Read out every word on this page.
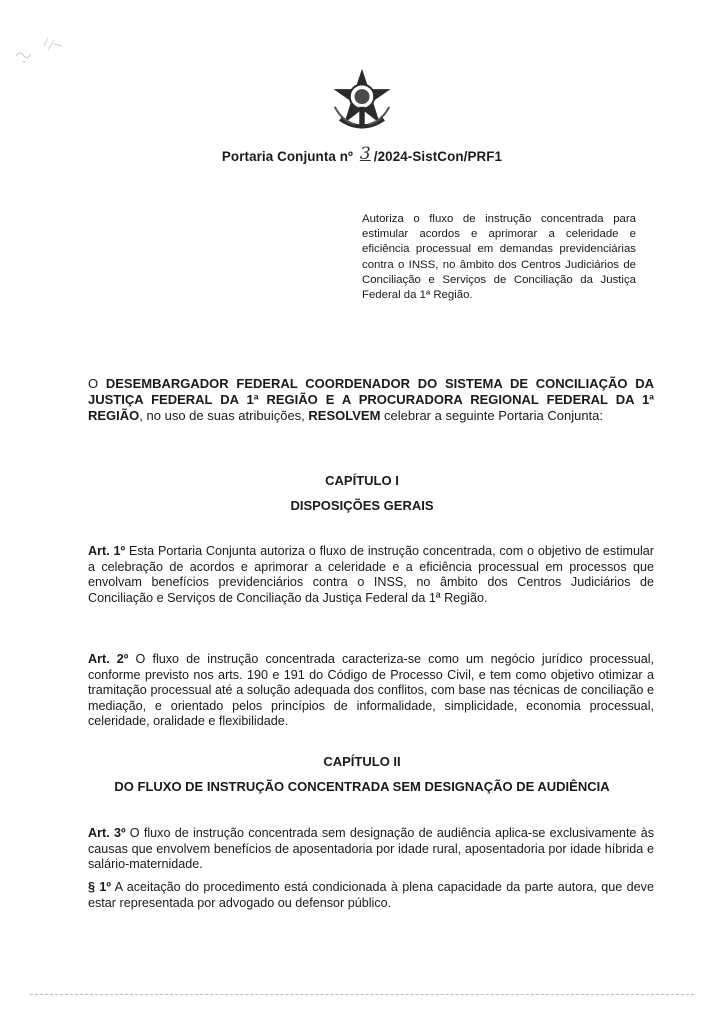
Portaria Conjunta nº 3 /2024-SistCon/PRF1
Autoriza o fluxo de instrução concentrada para estimular acordos e aprimorar a celeridade e eficiência processual em demandas previdenciárias contra o INSS, no âmbito dos Centros Judiciários de Conciliação e Serviços de Conciliação da Justiça Federal da 1ª Região.
O DESEMBARGADOR FEDERAL COORDENADOR DO SISTEMA DE CONCILIAÇÃO DA JUSTIÇA FEDERAL DA 1ª REGIÃO E A PROCURADORA REGIONAL FEDERAL DA 1ª REGIÃO, no uso de suas atribuições, RESOLVEM celebrar a seguinte Portaria Conjunta:
CAPÍTULO I
DISPOSIÇÕES GERAIS
Art. 1º Esta Portaria Conjunta autoriza o fluxo de instrução concentrada, com o objetivo de estimular a celebração de acordos e aprimorar a celeridade e a eficiência processual em processos que envolvam benefícios previdenciários contra o INSS, no âmbito dos Centros Judiciários de Conciliação e Serviços de Conciliação da Justiça Federal da 1ª Região.
Art. 2º O fluxo de instrução concentrada caracteriza-se como um negócio jurídico processual, conforme previsto nos arts. 190 e 191 do Código de Processo Civil, e tem como objetivo otimizar a tramitação processual até a solução adequada dos conflitos, com base nas técnicas de conciliação e mediação, e orientado pelos princípios de informalidade, simplicidade, economia processual, celeridade, oralidade e flexibilidade.
CAPÍTULO II
DO FLUXO DE INSTRUÇÃO CONCENTRADA SEM DESIGNAÇÃO DE AUDIÊNCIA
Art. 3º O fluxo de instrução concentrada sem designação de audiência aplica-se exclusivamente às causas que envolvem benefícios de aposentadoria por idade rural, aposentadoria por idade híbrida e salário-maternidade.
§ 1º A aceitação do procedimento está condicionada à plena capacidade da parte autora, que deve estar representada por advogado ou defensor público.
